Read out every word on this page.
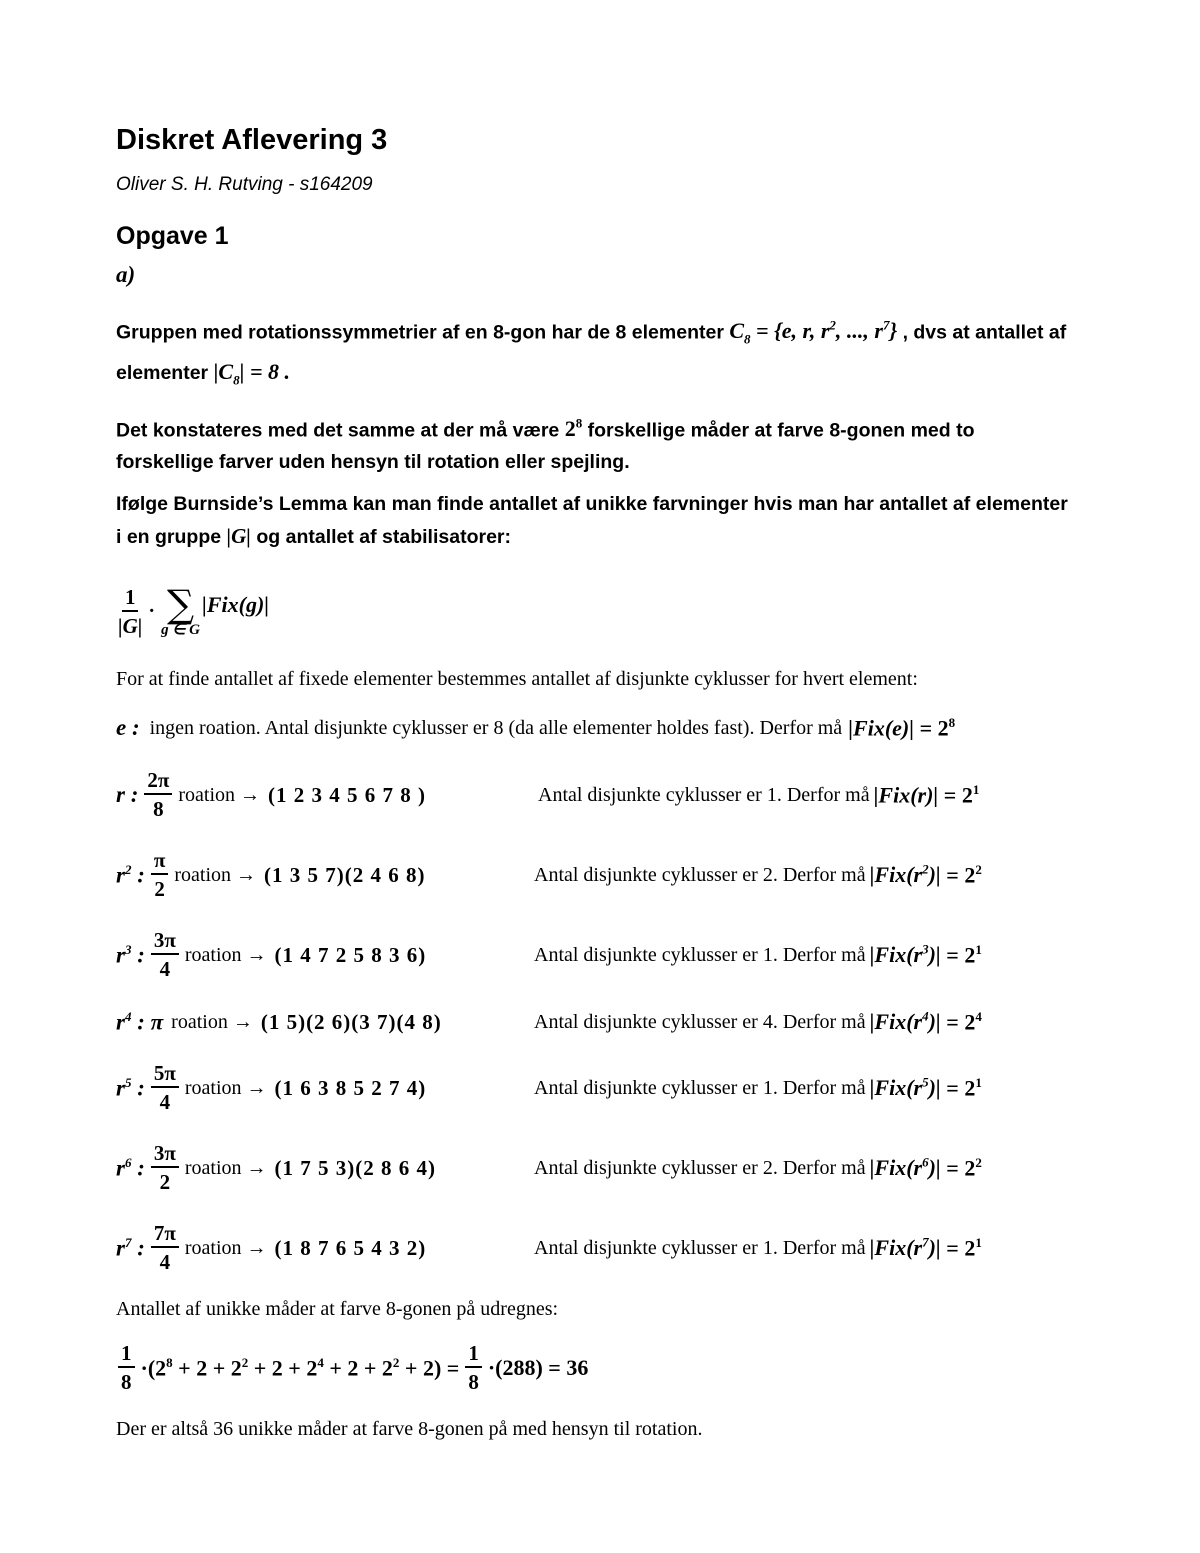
Diskret Aflevering 3
Oliver S. H. Rutving - s164209
Opgave 1
a)
Gruppen med rotationssymmetrier af en 8-gon har de 8 elementer $C_8 = \{e$, r, $r^2$, ..., $r^7$} , dvs at antallet af
elementer $|C_8| = 8$ .
Det konstateres med det samme at der må være $2^8$ forskellige måder at farve 8-gonen med to
forskellige farver uden hensyn til rotation eller spejling.
Ifølge Burnside’s Lemma kan man finde antallet af unikke farvninger hvis man har antallet af elementer
i en gruppe |G| og antallet af stabilisatorer:
$\frac{1}{|G|}$ · ∑
g ∈ G
|Fix(g)|
For at finde antallet af fixede elementer bestemmes antallet af disjunkte cyklusser for hvert element:
e : ingen roation. Antal disjunkte cyklusser er 8 (da alle elementer holdes fast). Derfor må $|Fix(e)| = 2^8$
r : $\frac{2\pi}{8}$ roation → (1 2 3 4 5 6 7 8 )	Antal disjunkte cyklusser er 1. Derfor må $|Fix(r)| = 2^1$
$r^2$ : $\frac{\pi}{2}$ roation → (1 3 5 7)(2 4 6 8)	Antal disjunkte cyklusser er 2. Derfor må $|Fix(r^2)| = 2^2$
$r^3$ : $\frac{3\pi}{4}$ roation → (1 4 7 2 5 8 3 6)	Antal disjunkte cyklusser er 1. Derfor må $|Fix(r^3)| = 2^1$
$r^4$ : π roation → (1 5)(2 6)(3 7)(4 8)	Antal disjunkte cyklusser er 4. Derfor må $|Fix(r^4)| = 2^4$
$r^5$ : $\frac{5\pi}{4}$ roation → (1 6 3 8 5 2 7 4)	Antal disjunkte cyklusser er 1. Derfor må $|Fix(r^5)| = 2^1$
$r^6$ : $\frac{3\pi}{2}$ roation → (1 7 5 3)(2 8 6 4)	Antal disjunkte cyklusser er 2. Derfor må $|Fix(r^6)| = 2^2$
$r^7$ : $\frac{7\pi}{4}$ roation → (1 8 7 6 5 4 3 2)	Antal disjunkte cyklusser er 1. Derfor må $|Fix(r^7)| = 2^1$
Antallet af unikke måder at farve 8-gonen på udregnes:
$\frac{1}{8} \cdot(2^8 + 2 + 2^2 + 2 + 2^4 + 2 + 2^2 + 2) = \frac{1}{8} \cdot(288) = 36$
Der er altså 36 unikke måder at farve 8-gonen på med hensyn til rotation.
